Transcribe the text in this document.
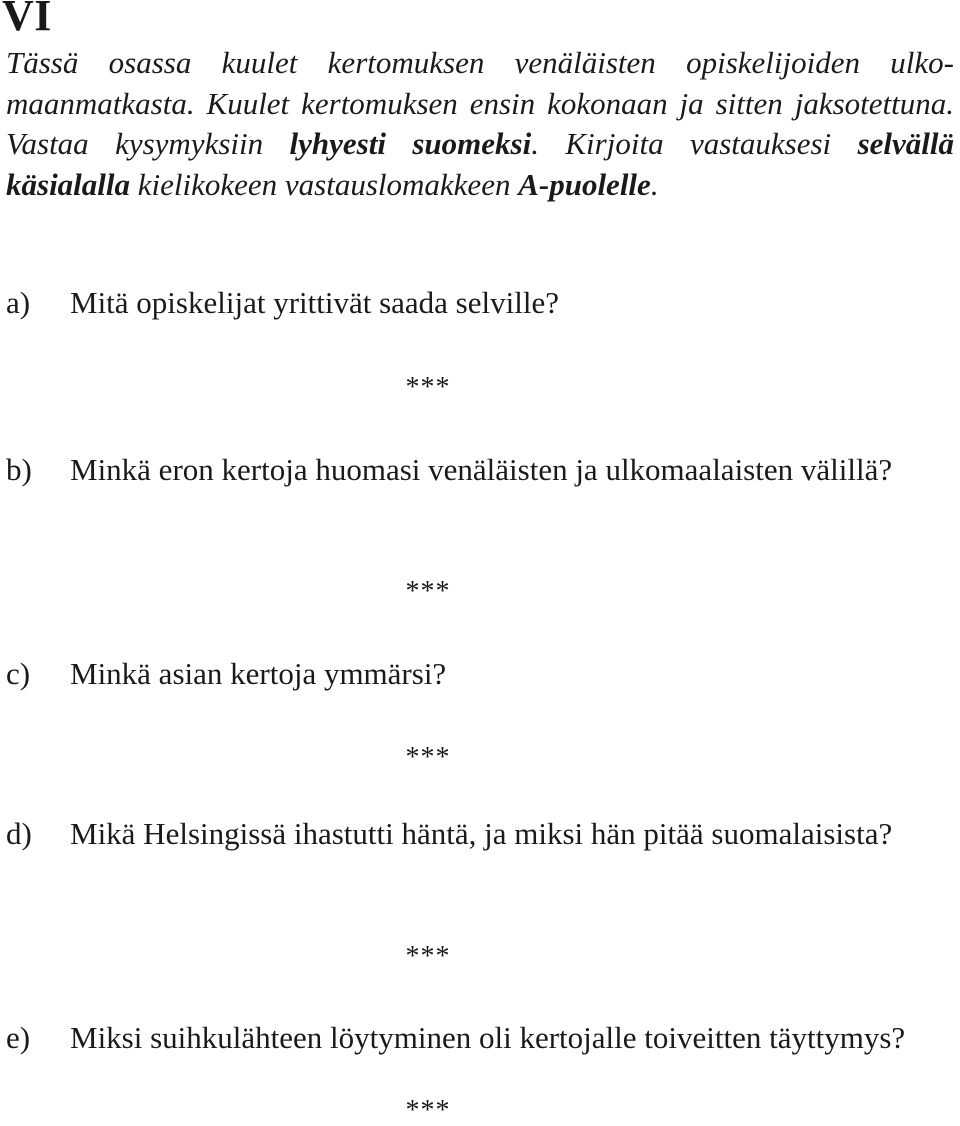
VI

Tässä osassa kuulet kertomuksen venäläisten opiskelijoiden ulkomaanmatkasta. Kuulet kertomuksen ensin kokonaan ja sitten jaksotettuna. Vastaa kysymyksiin lyhyesti suomeksi. Kirjoita vastauksesi selvällä käsialalla kielikokeen vastauslomakkeen A-puolelle.

a) Mitä opiskelijat yrittivät saada selville?
***
b) Minkä eron kertoja huomasi venäläisten ja ulkomaalaisten välillä?
***
c) Minkä asian kertoja ymmärsi?
***
d) Mikä Helsingissä ihastutti häntä, ja miksi hän pitää suomalaisista?
***
e) Miksi suihkulähteen löytyminen oli kertojalle toiveitten täyttymys?
***
